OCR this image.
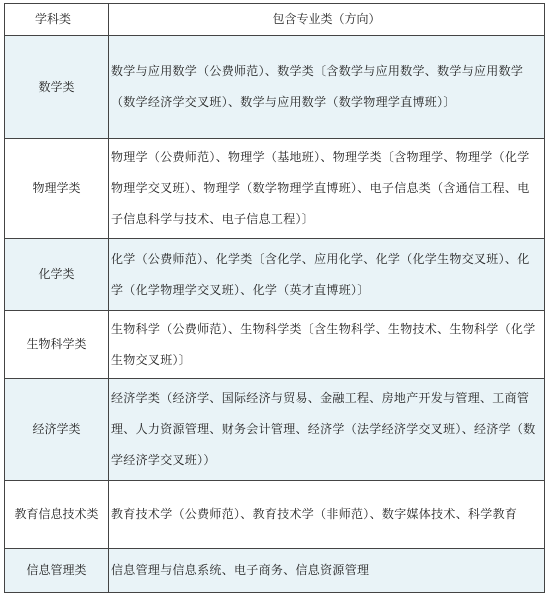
学科类	包含专业类（方向）
数学类	数学与应用数学（公费师范）、数学类〔含数学与应用数学、数学与应用数学（数学经济学交叉班）、数学与应用数学（数学物理学直博班）〕
物理学类	物理学（公费师范）、物理学（基地班）、物理学类〔含物理学、物理学（化学物理学交叉班）、物理学（数学物理学直博班）、电子信息类（含通信工程、电子信息科学与技术、电子信息工程）〕
化学类	化学（公费师范）、化学类〔含化学、应用化学、化学（化学生物交叉班）、化学（化学物理学交叉班）、化学（英才直博班）〕
生物科学类	生物科学（公费师范）、生物科学类〔含生物科学、生物技术、生物科学（化学生物交叉班）〕
经济学类	经济学类（经济学、国际经济与贸易、金融工程、房地产开发与管理、工商管理、人力资源管理、财务会计管理、经济学（法学经济学交叉班）、经济学（数学经济学交叉班））
教育信息技术类	教育技术学（公费师范）、教育技术学（非师范）、数字媒体技术、科学教育
信息管理类	信息管理与信息系统、电子商务、信息资源管理
